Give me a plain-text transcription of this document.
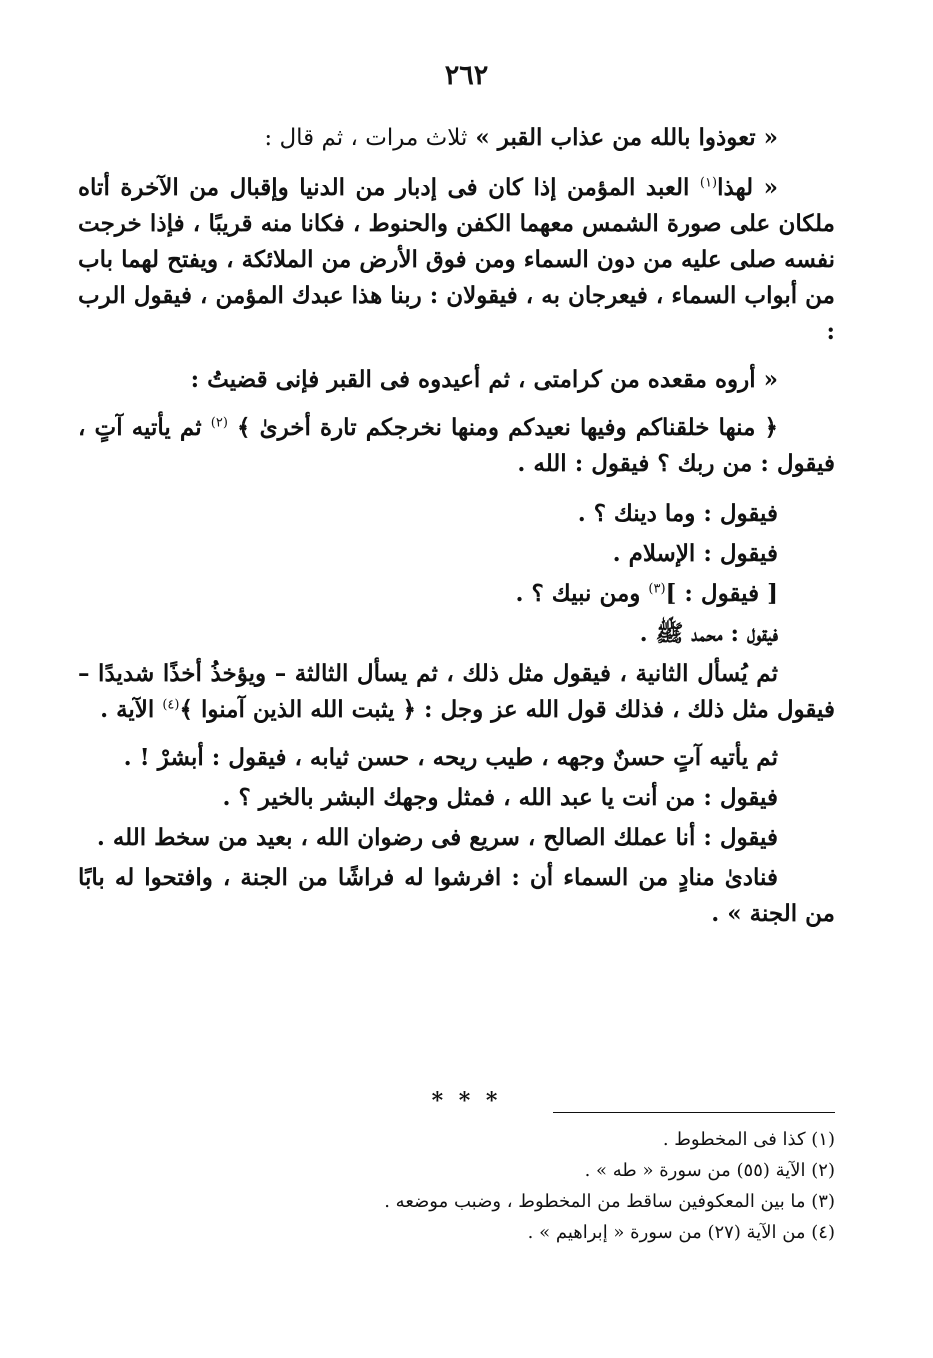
٢٦٢

« تعوذوا بالله من عذاب القبر » ثلاث مرات ، ثم قال :

« لهذا$^{(١)}$ العبد المؤمن إذا كان فى إدبار من الدنيا وإقبال من الآخرة أتاه ملكان على صورة الشمس معهما الكفن والحنوط ، فكانا منه قريبًا ، فإذا خرجت نفسه صلى عليه من دون السماء ومن فوق الأرض من الملائكة ، ويفتح لهما باب من أبواب السماء ، فيعرجان به ، فيقولان : ربنا هذا عبدك المؤمن ، فيقول الرب :

« أروه مقعده من كرامتى ، ثم أعيدوه فى القبر فإنى قضيتُ :

﴿ منها خلقناكم وفيها نعيدكم ومنها نخرجكم تارة أخرىٰ ﴾ $^{(٢)}$ ثم يأتيه آتٍ ، فيقول : من ربك ؟ فيقول : الله .

فيقول : وما دينك ؟ .

فيقول : الإسلام .

[ فيقول : ]$^{(٣)}$ ومن نبيك ؟ .

فيقول : محمد ﷺ .

ثم يُسأل الثانية ، فيقول مثل ذلك ، ثم يسأل الثالثة – ويؤخذُ أخذًا شديدًا – فيقول مثل ذلك ، فذلك قول الله عز وجل : ﴿ يثبت الله الذين آمنوا ﴾$^{(٤)}$ الآية .

ثم يأتيه آتٍ حسنٌ وجهه ، طيب ريحه ، حسن ثيابه ، فيقول : أبشرْ ! .

فيقول : من أنت يا عبد الله ، فمثل وجهك البشر بالخير ؟ .

فيقول : أنا عملك الصالح ، سريع فى رضوان الله ، بعيد من سخط الله .

فنادىٰ منادٍ من السماء أن : افرشوا له فراشًا من الجنة ، وافتحوا له بابًا من الجنة » .

* * *

(١) كذا فى المخطوط .

(٢) الآية (٥٥) من سورة « طه » .

(٣) ما بين المعكوفين ساقط من المخطوط ، وضبب موضعه .

(٤) من الآية (٢٧) من سورة « إبراهيم » .
